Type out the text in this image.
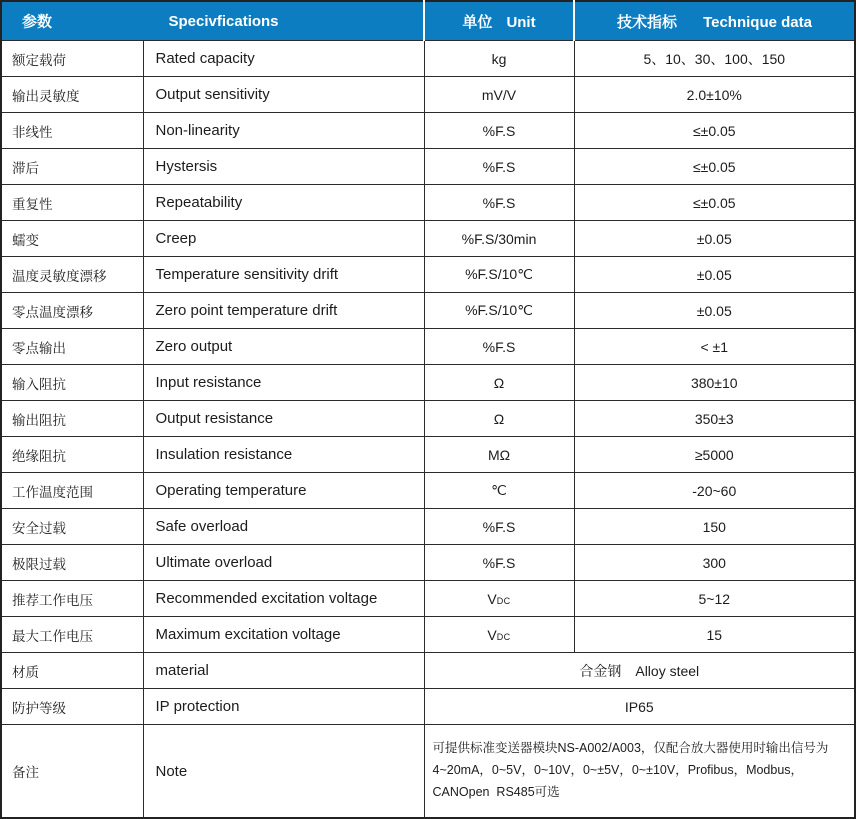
参数 Specivfications		单位 Unit	技术指标 Technique data
额定载荷	Rated capacity	kg	5、10、30、100、150
输出灵敏度	Output sensitivity	mV/V	2.0±10%
非线性	Non-linearity	%F.S	≤±0.05
滞后	Hystersis	%F.S	≤±0.05
重复性	Repeatability	%F.S	≤±0.05
蠕变	Creep	%F.S/30min	±0.05
温度灵敏度漂移	Temperature sensitivity drift	%F.S/10℃	±0.05
零点温度漂移	Zero point temperature drift	%F.S/10℃	±0.05
零点输出	Zero output	%F.S	< ±1
输入阻抗	Input resistance	Ω	380±10
输出阻抗	Output resistance	Ω	350±3
绝缘阻抗	Insulation resistance	MΩ	≥5000
工作温度范围	Operating temperature	℃	-20~60
安全过载	Safe overload	%F.S	150
极限过载	Ultimate overload	%F.S	300
推荐工作电压	Recommended excitation voltage	VDC	5~12
最大工作电压	Maximum excitation voltage	VDC	15
材质	material	合金钢　Alloy steel	
防护等级	IP protection	IP65	
备注	Note	可提供标准变送器模块NS-A002/A003，仅配合放大器使用时输出信号为4~20mA，0~5V，0~10V，0~±5V，0~±10V，Profibus，Modbus，CANOpen  RS485可选	
